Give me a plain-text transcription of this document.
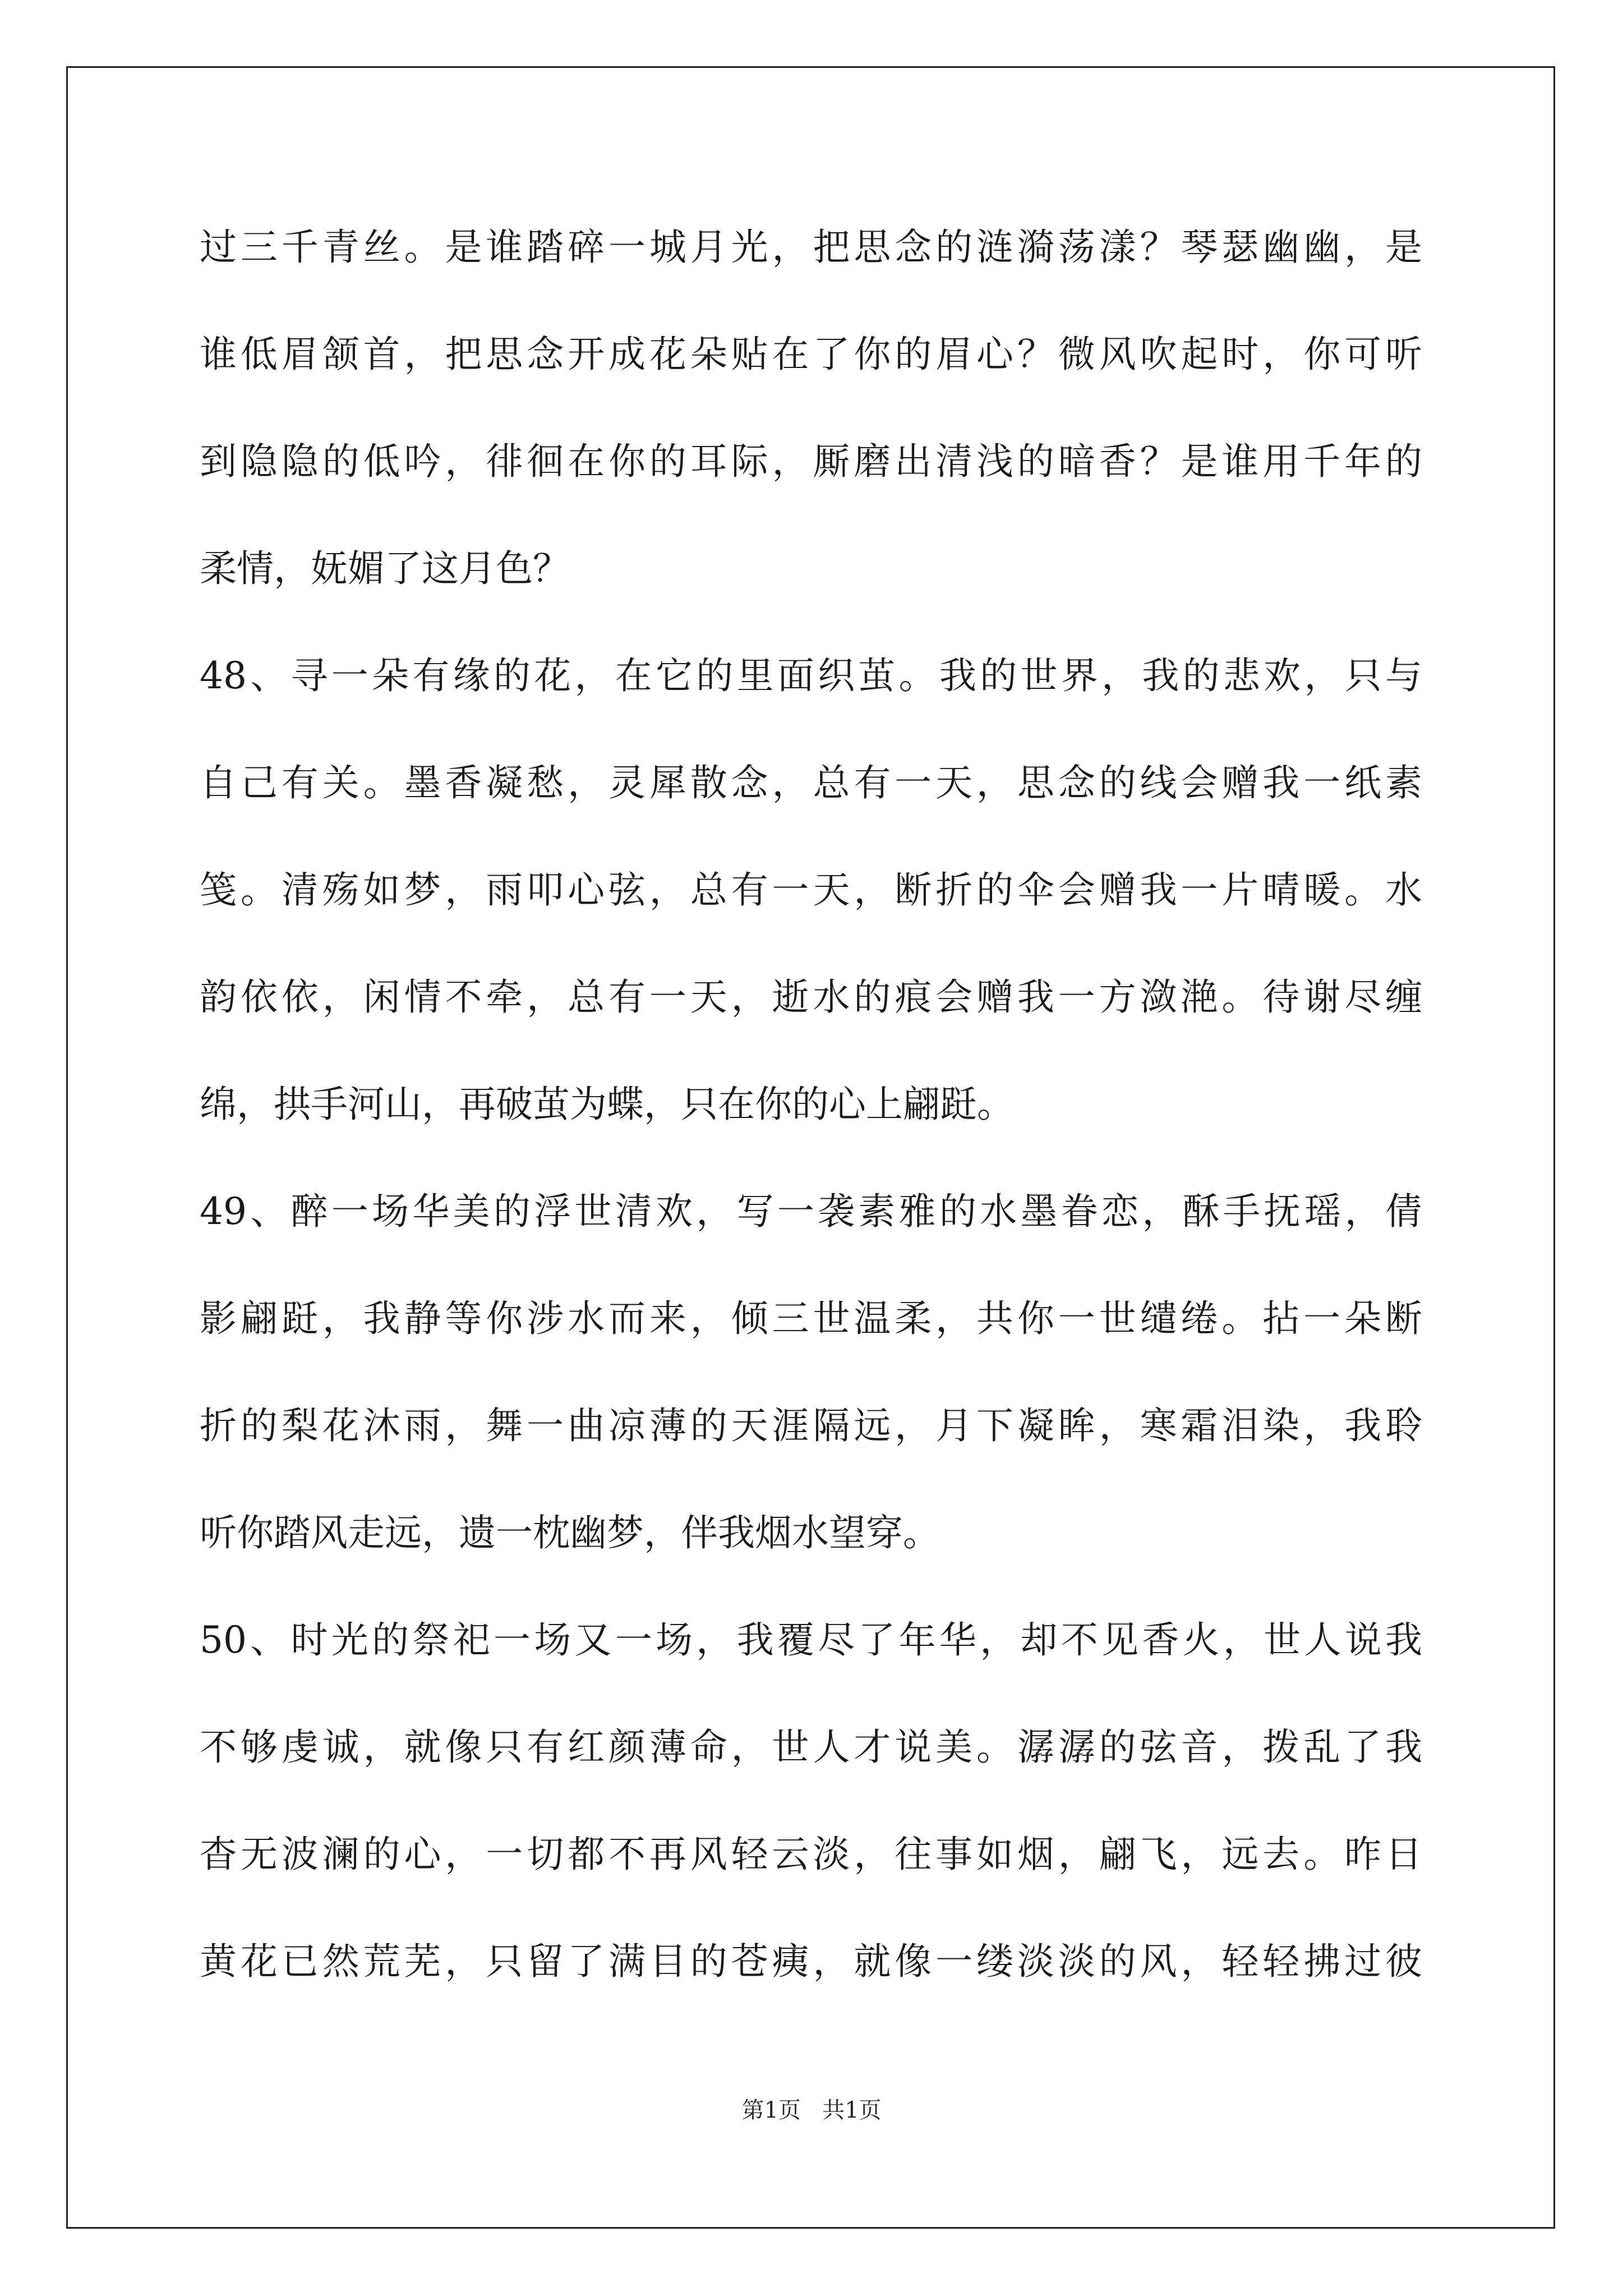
过三千青丝。是谁踏碎一城月光，把思念的涟漪荡漾？琴瑟幽幽，是
谁低眉颔首，把思念开成花朵贴在了你的眉心？微风吹起时，你可听
到隐隐的低吟，徘徊在你的耳际，厮磨出清浅的暗香？是谁用千年的
柔情，妩媚了这月色？
48、寻一朵有缘的花，在它的里面织茧。我的世界，我的悲欢，只与
自己有关。墨香凝愁，灵犀散念，总有一天，思念的线会赠我一纸素
笺。清殇如梦，雨叩心弦，总有一天，断折的伞会赠我一片晴暖。水
韵依依，闲情不牵，总有一天，逝水的痕会赠我一方潋滟。待谢尽缠
绵，拱手河山，再破茧为蝶，只在你的心上翩跹。
49、醉一场华美的浮世清欢，写一袭素雅的水墨眷恋，酥手抚瑶，倩
影翩跹，我静等你涉水而来，倾三世温柔，共你一世缱绻。拈一朵断
折的梨花沐雨，舞一曲凉薄的天涯隔远，月下凝眸，寒霜泪染，我聆
听你踏风走远，遗一枕幽梦，伴我烟水望穿。
50、时光的祭祀一场又一场，我覆尽了年华，却不见香火，世人说我
不够虔诚，就像只有红颜薄命，世人才说美。潺潺的弦音，拨乱了我
杳无波澜的心，一切都不再风轻云淡，往事如烟，翩飞，远去。昨日
黄花已然荒芜，只留了满目的苍痍，就像一缕淡淡的风，轻轻拂过彼
第1页 共1页
